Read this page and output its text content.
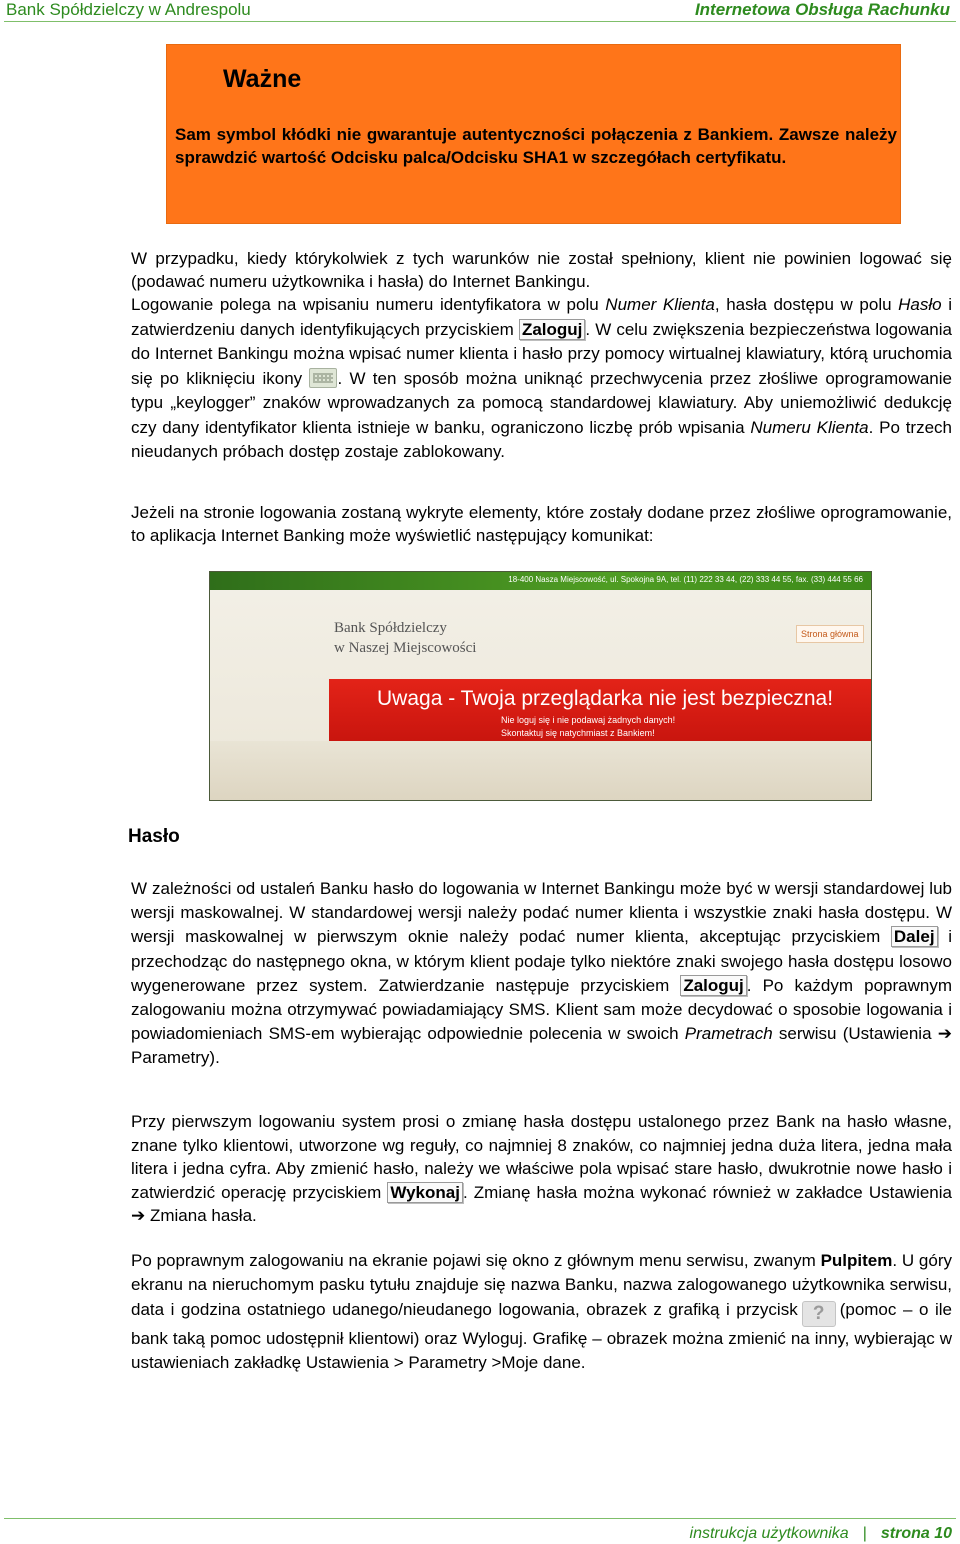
Bank Spółdzielczy w Andrespolu	Internetowa Obsługa Rachunku
Ważne
Sam symbol kłódki nie gwarantuje autentyczności połączenia z Bankiem. Zawsze należy sprawdzić wartość Odcisku palca/Odcisku SHA1 w szczegółach certyfikatu.

W przypadku, kiedy którykolwiek z tych warunków nie został spełniony, klient nie powinien logować się (podawać numeru użytkownika i hasła) do Internet Bankingu.

Logowanie polega na wpisaniu numeru identyfikatora w polu Numer Klienta, hasła dostępu w polu Hasło i zatwierdzeniu danych identyfikujących przyciskiem Zaloguj . W celu zwiększenia bezpieczeństwa logowania do Internet Bankingu można wpisać numer klienta i hasło przy pomocy wirtualnej klawiatury, którą uruchomia się po kliknięciu ikony . W ten sposób można uniknąć przechwycenia przez złośliwe oprogramowanie typu „keylogger” znaków wprowadzanych za pomocą standardowej klawiatury. Aby uniemożliwić dedukcję czy dany identyfikator klienta istnieje w banku, ograniczono liczbę prób wpisania Numeru Klienta. Po trzech nieudanych próbach dostęp zostaje zablokowany.

Jeżeli na stronie logowania zostaną wykryte elementy, które zostały dodane przez złośliwe oprogramowanie, to aplikacja Internet Banking może wyświetlić następujący komunikat:

18-400 Nasza Miejscowość, ul. Spokojna 9A, tel. (11) 222 33 44, (22) 333 44 55, fax. (33) 444 55 66
Bank Spółdzielczy
w Naszej Miejscowości
Strona główna
Uwaga - Twoja przeglądarka nie jest bezpieczna!
Nie loguj się i nie podawaj żadnych danych!
Skontaktuj się natychmiast z Bankiem!
Hasło

W zależności od ustaleń Banku hasło do logowania w Internet Bankingu może być w wersji standardowej lub wersji maskowalnej. W standardowej wersji należy podać numer klienta i wszystkie znaki hasła dostępu. W wersji maskowalnej w pierwszym oknie należy podać numer klienta, akceptując przyciskiem Dalej i przechodząc do następnego okna, w którym klient podaje tylko niektóre znaki swojego hasła dostępu losowo wygenerowane przez system. Zatwierdzanie następuje przyciskiem Zaloguj . Po każdym poprawnym zalogowaniu można otrzymywać powiadamiający SMS. Klient sam może decydować o sposobie logowania i powiadomieniach SMS-em wybierając odpowiednie polecenia w swoich Prametrach serwisu (Ustawienia ➔ Parametry).

Przy pierwszym logowaniu system prosi o zmianę hasła dostępu ustalonego przez Bank na hasło własne, znane tylko klientowi, utworzone wg reguły, co najmniej 8 znaków, co najmniej jedna duża litera, jedna mała litera i jedna cyfra. Aby zmienić hasło, należy we właściwe pola wpisać stare hasło, dwukrotnie nowe hasło i zatwierdzić operację przyciskiem Wykonaj . Zmianę hasła można wykonać również w zakładce Ustawienia ➔ Zmiana hasła.

Po poprawnym zalogowaniu na ekranie pojawi się okno z głównym menu serwisu, zwanym Pulpitem. U góry ekranu na nieruchomym pasku tytułu znajduje się nazwa Banku, nazwa zalogowanego użytkownika serwisu, data i godzina ostatniego udanego/nieudanego logowania, obrazek z grafiką i przycisk ? (pomoc – o ile bank taką pomoc udostępnił klientowi) oraz Wyloguj. Grafikę – obrazek można zmienić na inny, wybierając w ustawieniach zakładkę Ustawienia > Parametry >Moje dane.

instrukcja użytkownika | strona 10
